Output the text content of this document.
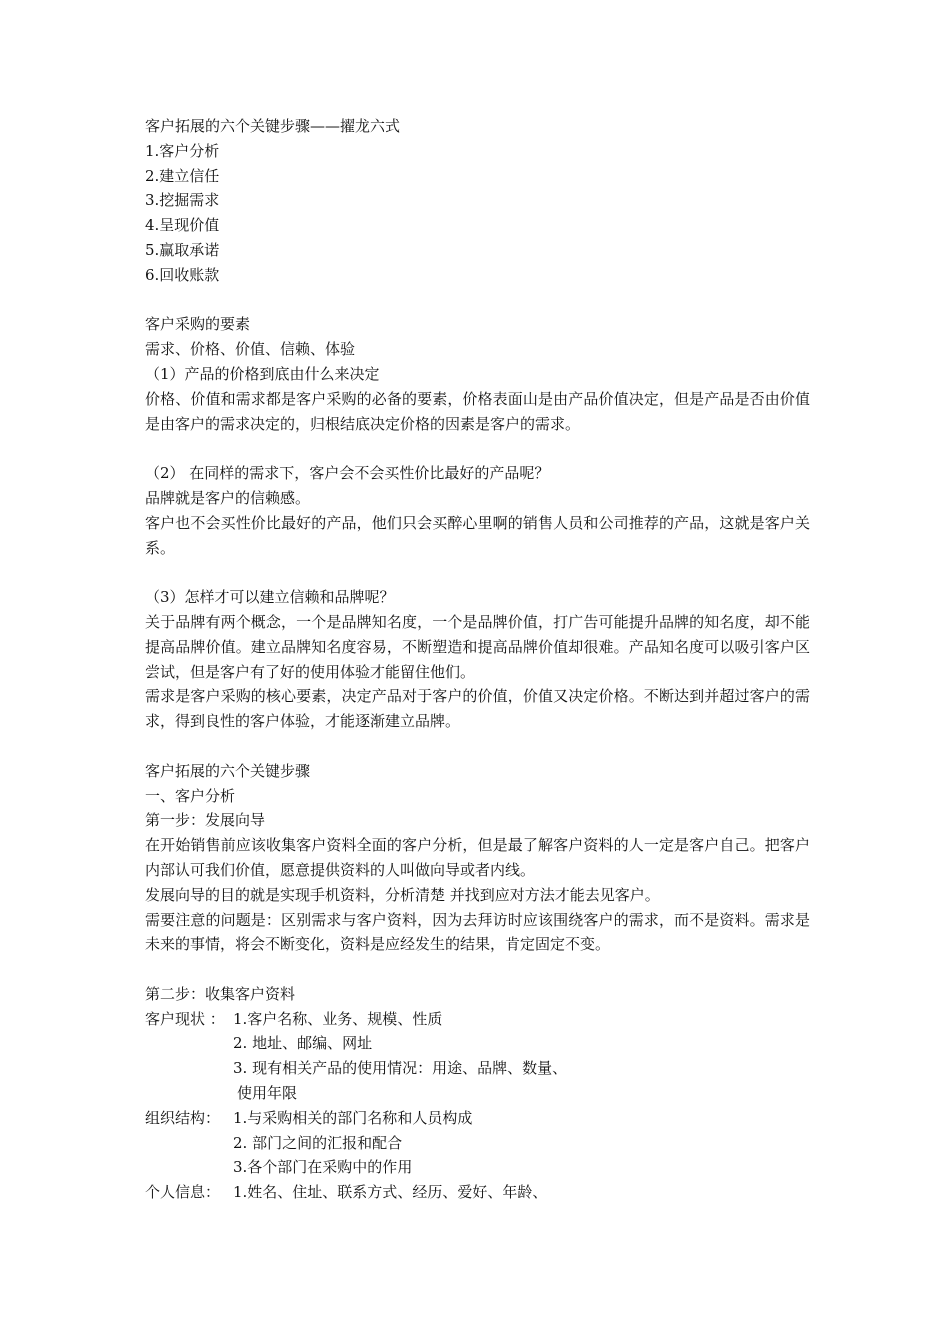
客户拓展的六个关键步骤——擢龙六式
1.客户分析
2.建立信任
3.挖掘需求
4.呈现价值
5.赢取承诺
6.回收账款
客户采购的要素
需求、价格、价值、信赖、体验
（1）产品的价格到底由什么来决定
价格、价值和需求都是客户采购的必备的要素，价格表面山是由产品价值决定，但是产品是否由价值是由客户的需求决定的，归根结底决定价格的因素是客户的需求。
（2） 在同样的需求下，客户会不会买性价比最好的产品呢？
品牌就是客户的信赖感。
客户也不会买性价比最好的产品，他们只会买醉心里啊的销售人员和公司推荐的产品，这就是客户关系。
（3）怎样才可以建立信赖和品牌呢？
关于品牌有两个概念，一个是品牌知名度，一个是品牌价值，打广告可能提升品牌的知名度，却不能提高品牌价值。建立品牌知名度容易，不断塑造和提高品牌价值却很难。产品知名度可以吸引客户区尝试，但是客户有了好的使用体验才能留住他们。
需求是客户采购的核心要素，决定产品对于客户的价值，价值又决定价格。不断达到并超过客户的需求，得到良性的客户体验，才能逐渐建立品牌。
客户拓展的六个关键步骤
一、客户分析
第一步：发展向导
在开始销售前应该收集客户资料全面的客户分析，但是最了解客户资料的人一定是客户自己。把客户内部认可我们价值，愿意提供资料的人叫做向导或者内线。
发展向导的目的就是实现手机资料，分析清楚 并找到应对方法才能去见客户。
需要注意的问题是：区别需求与客户资料，因为去拜访时应该围绕客户的需求，而不是资料。需求是未来的事情，将会不断变化，资料是应经发生的结果，肯定固定不变。
第二步：收集客户资料
客户现状 ： 1.客户名称、业务、规模、性质
2. 地址、邮编、网址
3. 现有相关产品的使用情况：用途、品牌、数量、
使用年限
组织结构： 1.与采购相关的部门名称和人员构成
2. 部门之间的汇报和配合
3.各个部门在采购中的作用
个人信息： 1.姓名、住址、联系方式、经历、爱好、年龄、
